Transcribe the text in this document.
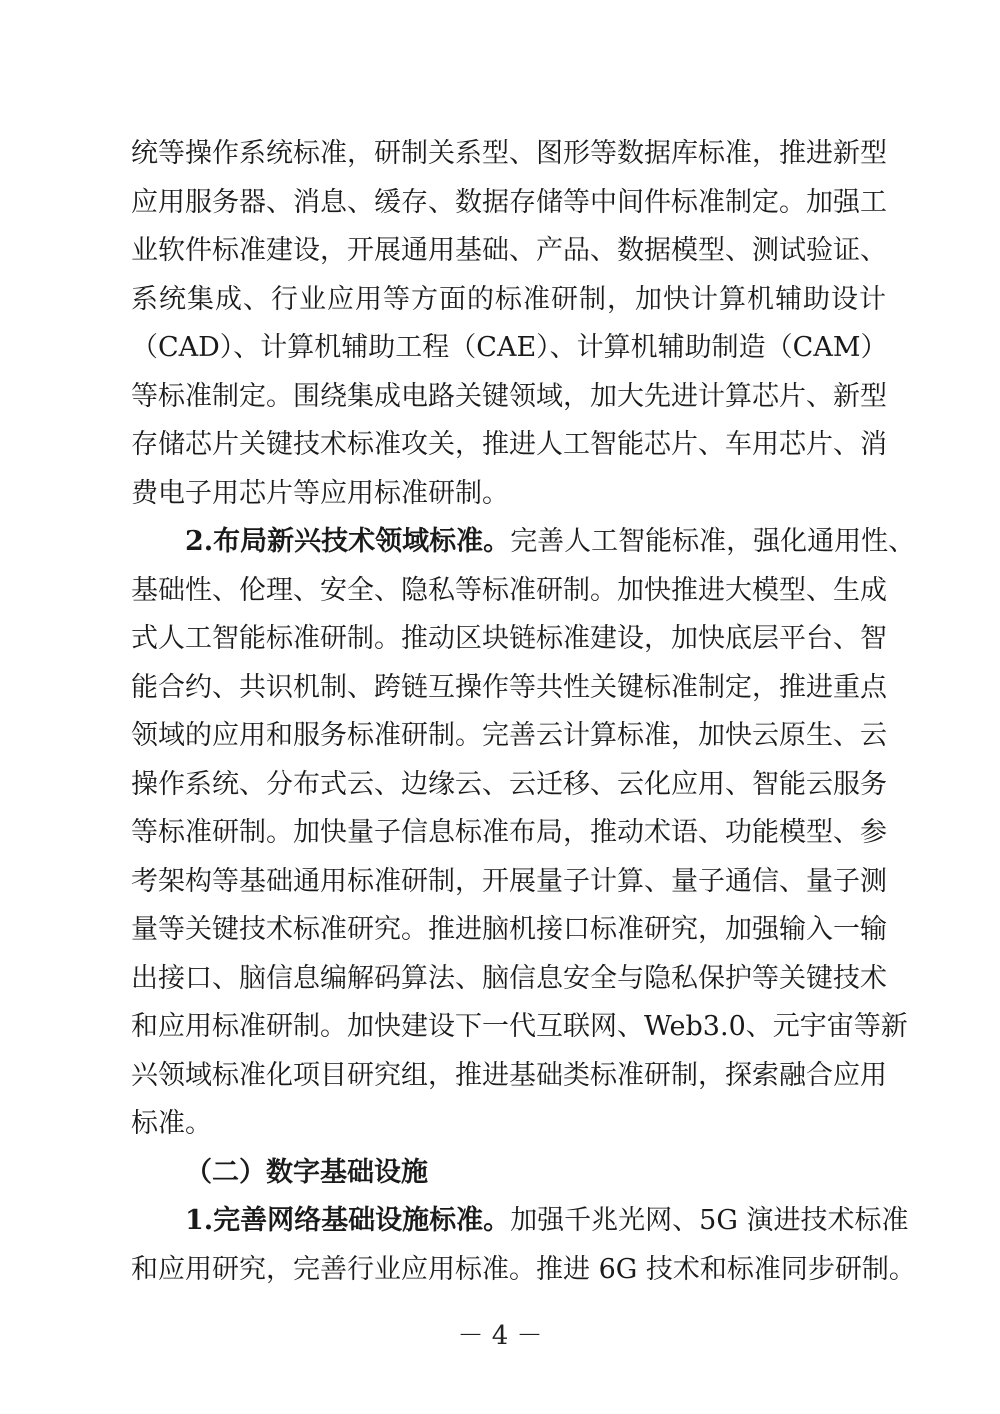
统等操作系统标准，研制关系型、图形等数据库标准，推进新型
应用服务器、消息、缓存、数据存储等中间件标准制定。加强工
业软件标准建设，开展通用基础、产品、数据模型、测试验证、
系统集成、行业应用等方面的标准研制，加快计算机辅助设计
（CAD）、计算机辅助工程（CAE）、计算机辅助制造（CAM）
等标准制定。围绕集成电路关键领域，加大先进计算芯片、新型
存储芯片关键技术标准攻关，推进人工智能芯片、车用芯片、消
费电子用芯片等应用标准研制。
2.布局新兴技术领域标准。完善人工智能标准，强化通用性、
基础性、伦理、安全、隐私等标准研制。加快推进大模型、生成
式人工智能标准研制。推动区块链标准建设，加快底层平台、智
能合约、共识机制、跨链互操作等共性关键标准制定，推进重点
领域的应用和服务标准研制。完善云计算标准，加快云原生、云
操作系统、分布式云、边缘云、云迁移、云化应用、智能云服务
等标准研制。加快量子信息标准布局，推动术语、功能模型、参
考架构等基础通用标准研制，开展量子计算、量子通信、量子测
量等关键技术标准研究。推进脑机接口标准研究，加强输入一输
出接口、脑信息编解码算法、脑信息安全与隐私保护等关键技术
和应用标准研制。加快建设下一代互联网、Web3.0、元宇宙等新
兴领域标准化项目研究组，推进基础类标准研制，探索融合应用
标准。
（二）数字基础设施
1.完善网络基础设施标准。加强千兆光网、5G 演进技术标准
和应用研究，完善行业应用标准。推进 6G 技术和标准同步研制。
－ 4 －
